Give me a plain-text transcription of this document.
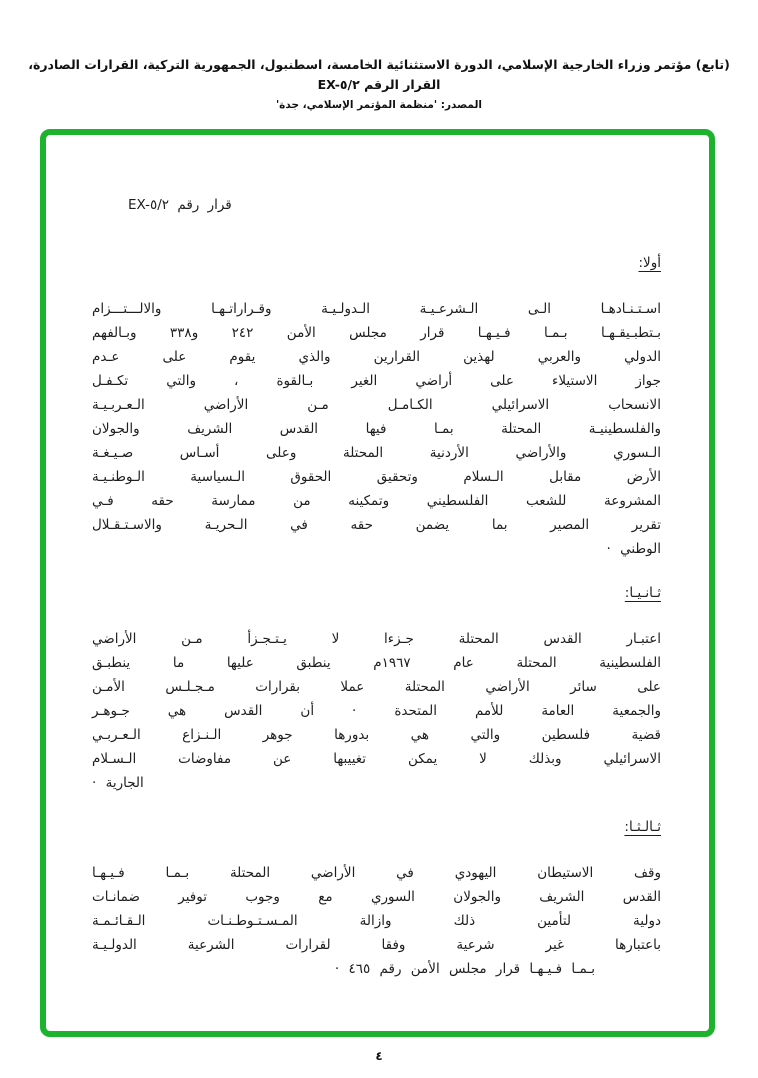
(تابع) مؤتمر وزراء الخارجية الإسلامي، الدورة الاستثنائية الخامسة، اسطنبول، الجمهورية التركية، القرارات الصادرة، القرار الرقم EX-٥/٢
المصدر: 'منظمة المؤتمر الإسلامي، جدة'
قرار رقم EX-٥/٢
أولا:
اسـتـنـادهـا الـى الـشرعـيـة الـدولـيـة وقـراراتـهـا والالـــتـــزام
بـتطبـيقـهـا بـمـا فـيـهـا قرار مجلس الأمن ٢٤٢ و٣٣٨ وبـالفهم
الدولي والعربي لهذين القرارين والذي يقوم على عـدم
جواز الاستيلاء على أراضي الغير بـالقوة ، والتي تكـفـل
الانسحاب الاسرائيلي الكـامـل مـن الأراضي الـعـربـيـة
والفلسطينيـة المحتلة بمـا فيها القدس الشريف والجولان
الـسوري والأراضي الأردنية المحتلة وعلى أسـاس صـيـغـة
الأرض مقابل الـسلام وتحقيق الحقوق الـسياسية الـوطنـيـة
المشروعة للشعب الفلسطيني وتمكينه من ممارسة حقه فـي
تقرير المصير بما يضمن حقه في الـحريـة والاسـتـقـلال
الوطني ·
ثـانـيـا:
اعتبـار القدس المحتلة جـزءا لا يـتـجـزأ مـن الأراضي
الفلسطينية المحتلة عام ١٩٦٧م ينطبق عليها ما ينطبـق
على سائر الأراضي المحتلة عملا بقرارات مـجـلـس الأمـن
والجمعية العامة للأمم المتحدة · أن القدس هي جـوهـر
قضية فلسطين والتي هي بدورها جوهر الـنـزاع الـعـربـي
الاسرائيلي وبذلك لا يمكن تغييبها عن مفاوضات الـسـلام
الجارية ·
ثـالـثـا:
وقف الاستيطان اليهودي في الأراضي المحتلة بـمـا فـيـهـا
القدس الشريف والجولان السوري مع وجوب توفير ضمانـات
دولية لتأمين ذلك وازالة المـسـتـوطـنـات الـقـائـمـة
باعتبارها غير شرعية وفقا لقرارات الشرعية الدولـيـة
بـمـا فـيـهـا قرار مجلس الأمن رقم ٤٦٥ ·
٤
